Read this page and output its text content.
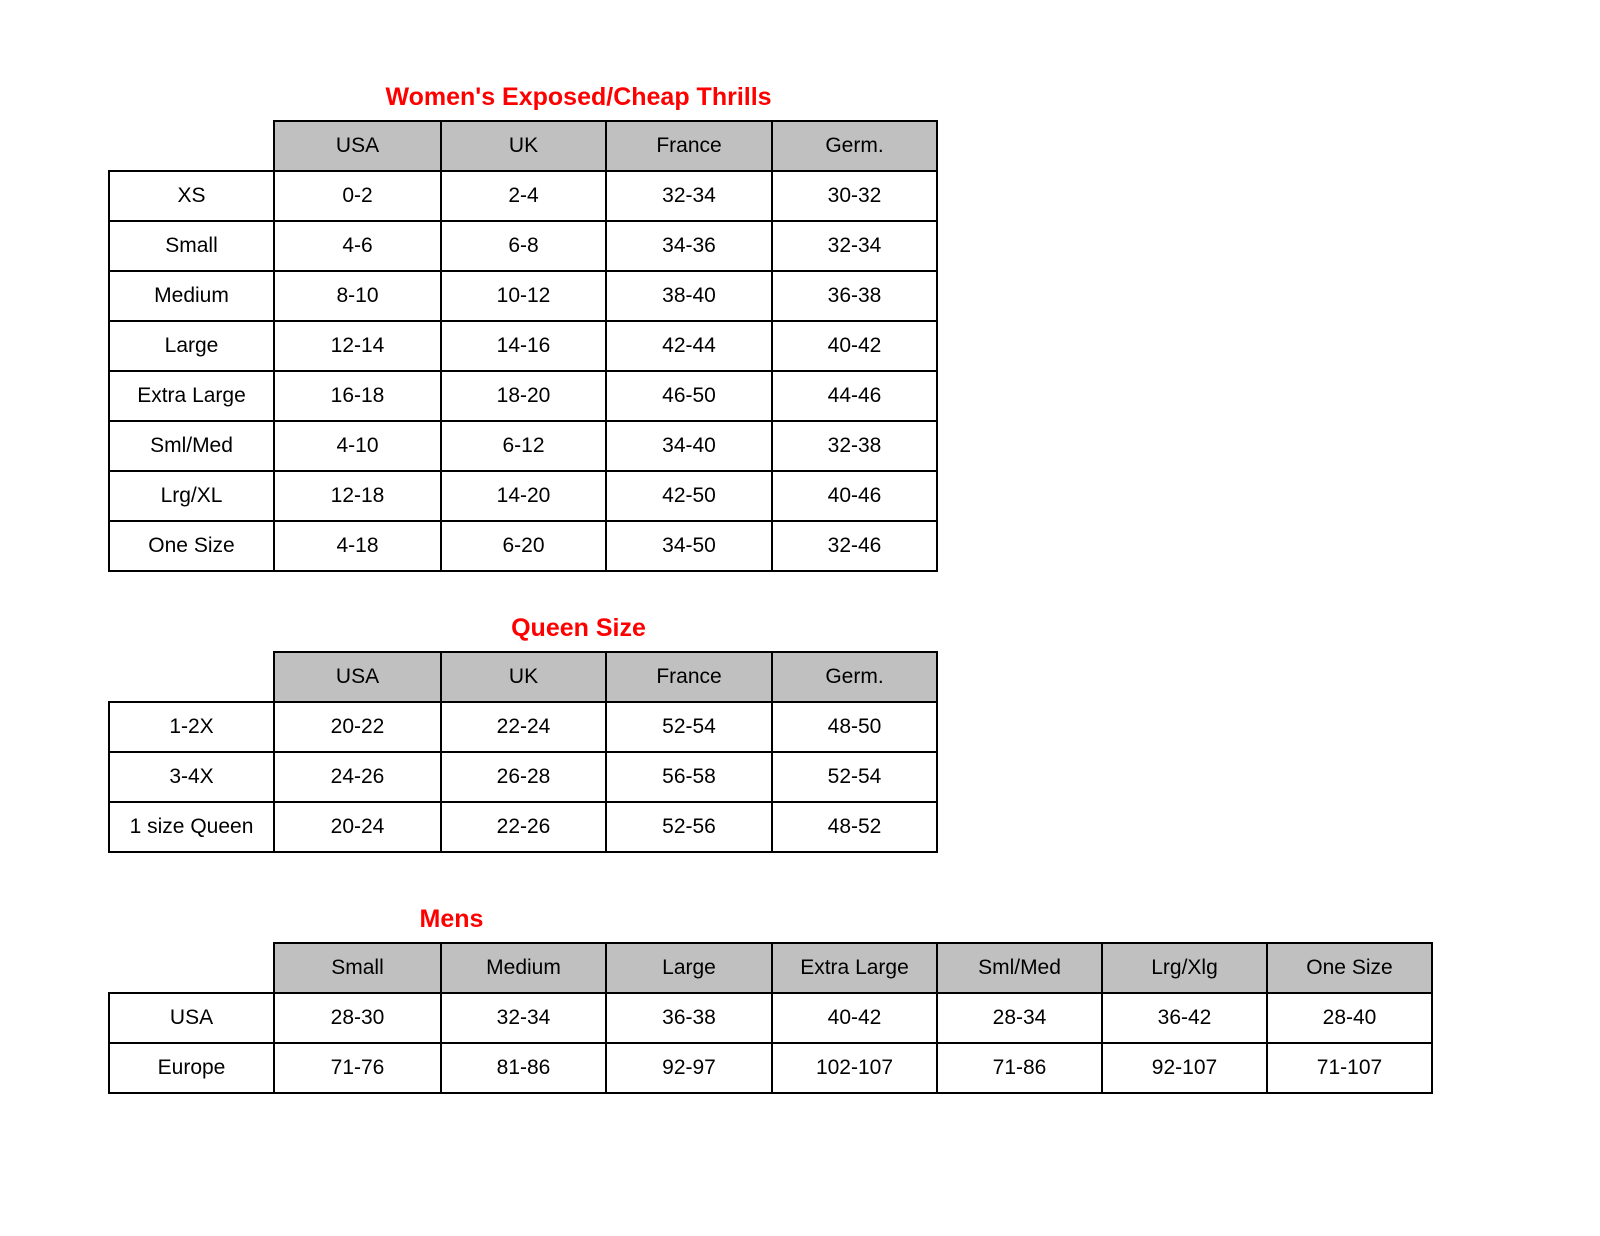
Women's Exposed/Cheap Thrills
	USA	UK	France	Germ.
XS	0-2	2-4	32-34	30-32
Small	4-6	6-8	34-36	32-34
Medium	8-10	10-12	38-40	36-38
Large	12-14	14-16	42-44	40-42
Extra Large	16-18	18-20	46-50	44-46
Sml/Med	4-10	6-12	34-40	32-38
Lrg/XL	12-18	14-20	42-50	40-46
One Size	4-18	6-20	34-50	32-46
Queen Size
	USA	UK	France	Germ.
1-2X	20-22	22-24	52-54	48-50
3-4X	24-26	26-28	56-58	52-54
1 size Queen	20-24	22-26	52-56	48-52
Mens
	Small	Medium	Large	Extra Large	Sml/Med	Lrg/Xlg	One Size
USA	28-30	32-34	36-38	40-42	28-34	36-42	28-40
Europe	71-76	81-86	92-97	102-107	71-86	92-107	71-107
